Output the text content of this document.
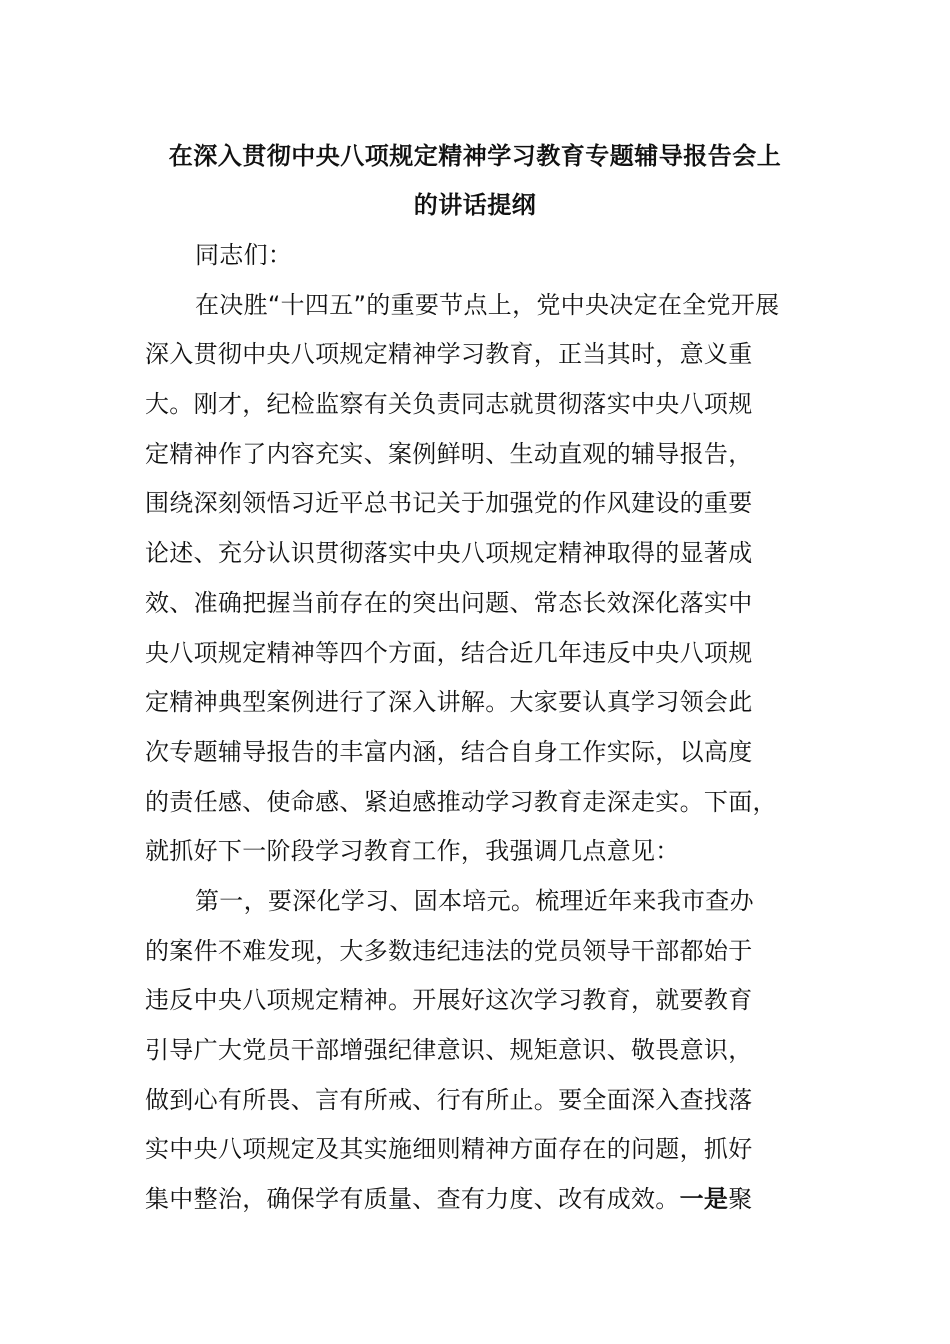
在深入贯彻中央八项规定精神学习教育专题辅导报告会上
的讲话提纲
同志们：
在决胜“十四五”的重要节点上，党中央决定在全党开展
深入贯彻中央八项规定精神学习教育，正当其时，意义重
大。刚才，纪检监察有关负责同志就贯彻落实中央八项规
定精神作了内容充实、案例鲜明、生动直观的辅导报告，
围绕深刻领悟习近平总书记关于加强党的作风建设的重要
论述、充分认识贯彻落实中央八项规定精神取得的显著成
效、准确把握当前存在的突出问题、常态长效深化落实中
央八项规定精神等四个方面，结合近几年违反中央八项规
定精神典型案例进行了深入讲解。大家要认真学习领会此
次专题辅导报告的丰富内涵，结合自身工作实际，以高度
的责任感、使命感、紧迫感推动学习教育走深走实。下面，
就抓好下一阶段学习教育工作，我强调几点意见：
第一，要深化学习、固本培元。梳理近年来我市查办
的案件不难发现，大多数违纪违法的党员领导干部都始于
违反中央八项规定精神。开展好这次学习教育，就要教育
引导广大党员干部增强纪律意识、规矩意识、敬畏意识，
做到心有所畏、言有所戒、行有所止。要全面深入查找落
实中央八项规定及其实施细则精神方面存在的问题，抓好
集中整治，确保学有质量、查有力度、改有成效。一是聚
